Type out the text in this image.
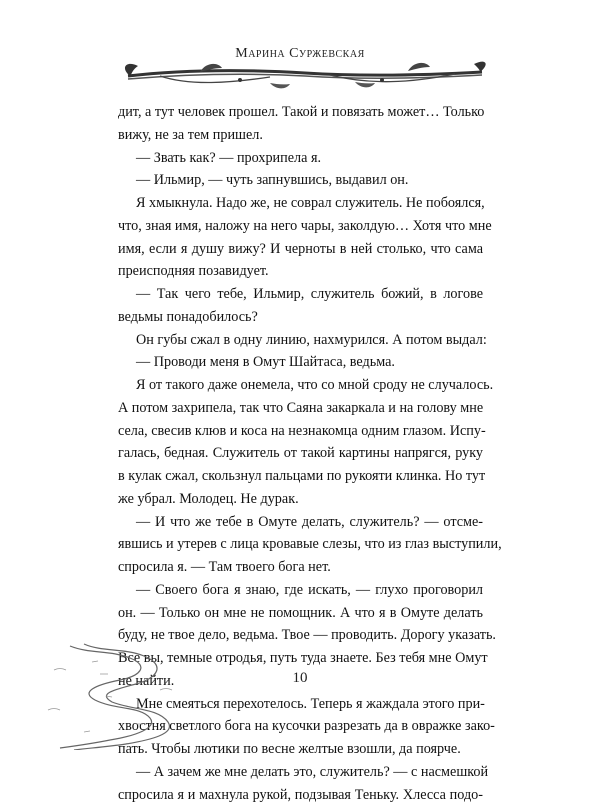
Марина Суржевская
дит, а тут человек прошел. Такой и повязать может… Только
вижу, не за тем пришел.
— Звать как? — прохрипела я.
— Ильмир, — чуть запнувшись, выдавил он.
Я хмыкнула. Надо же, не соврал служитель. Не побоялся,
что, зная имя, наложу на него чары, заколдую… Хотя что мне
имя, если я душу вижу? И черноты в ней столько, что сама
преисподняя позавидует.
— Так чего тебе, Ильмир, служитель божий, в логове
ведьмы понадобилось?
Он губы сжал в одну линию, нахмурился. А потом выдал:
— Проводи меня в Омут Шайтаса, ведьма.
Я от такого даже онемела, что со мной сроду не случалось.
А потом захрипела, так что Саяна закаркала и на голову мне
села, свесив клюв и коса на незнакомца одним глазом. Испу-
галась, бедная. Служитель от такой картины напрягся, руку
в кулак сжал, скользнул пальцами по рукояти клинка. Но тут
же убрал. Молодец. Не дурак.
— И что же тебе в Омуте делать, служитель? — отсме-
явшись и утерев с лица кровавые слезы, что из глаз выступили,
спросила я. — Там твоего бога нет.
— Своего бога я знаю, где искать, — глухо проговорил
он. — Только он мне не помощник. А что я в Омуте делать
буду, не твое дело, ведьма. Твое — проводить. Дорогу указать.
Все вы, темные отродья, путь туда знаете. Без тебя мне Омут
не найти.
Мне смеяться перехотелось. Теперь я жаждала этого при-
хвостня светлого бога на кусочки разрезать да в овражке зако-
пать. Чтобы лютики по весне желтые взошли, да поярче.
— А зачем же мне делать это, служитель? — с насмешкой
спросила я и махнула рукой, подзывая Теньку. Хлесса подо-
10
